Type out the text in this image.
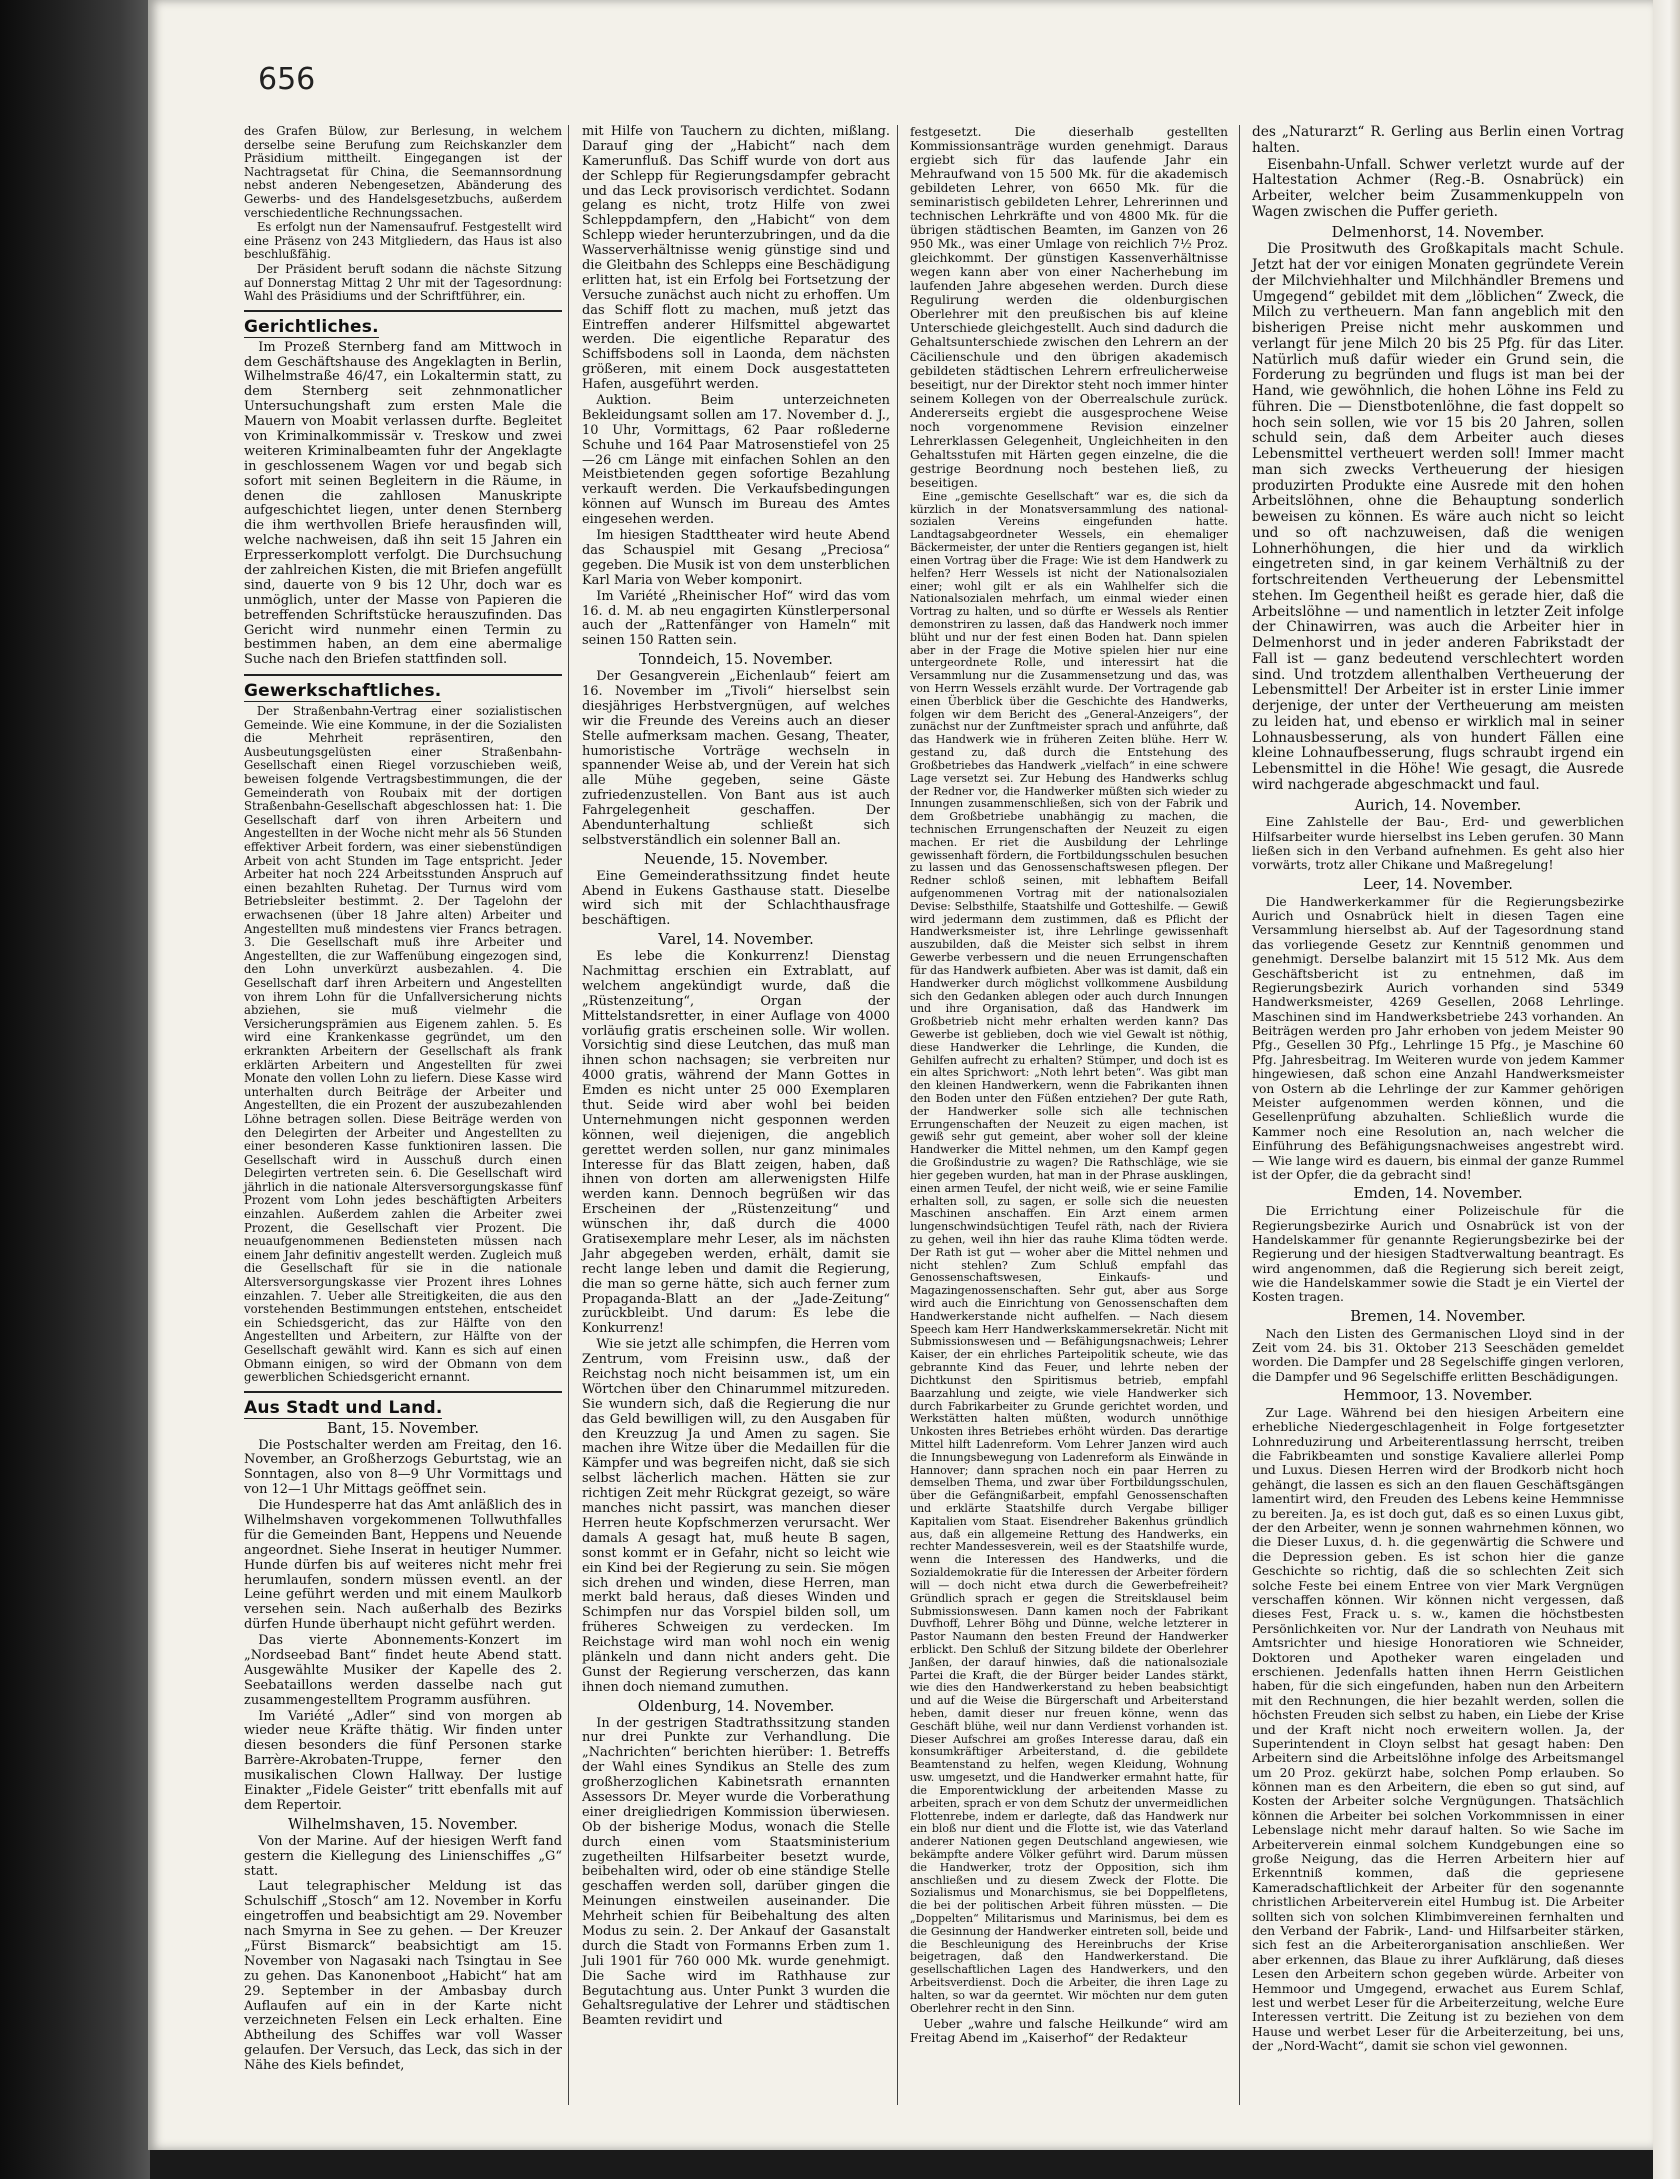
656

des Grafen Bülow, zur Berlesung, in welchem derselbe seine Berufung zum Reichskanzler dem Präsidium mittheilt. Eingegangen ist der Nachtragsetat für China, die Seemannsordnung nebst anderen Nebengesetzen, Abänderung des Gewerbs- und des Handelsgesetzbuchs, außerdem verschiedentliche Rechnungssachen.

Es erfolgt nun der Namensaufruf. Festgestellt wird eine Präsenz von 243 Mitgliedern, das Haus ist also beschlußfähig.

Der Präsident beruft sodann die nächste Sitzung auf Donnerstag Mittag 2 Uhr mit der Tagesordnung: Wahl des Präsidiums und der Schriftführer, ein.

Gerichtliches.

Im Prozeß Sternberg fand am Mittwoch in dem Geschäftshause des Angeklagten in Berlin, Wilhelmstraße 46/47, ein Lokaltermin statt, zu dem Sternberg seit zehnmonatlicher Untersuchungshaft zum ersten Male die Mauern von Moabit verlassen durfte. Begleitet von Kriminalkommissär v. Treskow und zwei weiteren Kriminalbeamten fuhr der Angeklagte in geschlossenem Wagen vor und begab sich sofort mit seinen Begleitern in die Räume, in denen die zahllosen Manuskripte aufgeschichtet liegen, unter denen Sternberg die ihm werthvollen Briefe herausfinden will, welche nachweisen, daß ihn seit 15 Jahren ein Erpresserkomplott verfolgt. Die Durchsuchung der zahlreichen Kisten, die mit Briefen angefüllt sind, dauerte von 9 bis 12 Uhr, doch war es unmöglich, unter der Masse von Papieren die betreffenden Schriftstücke herauszufinden. Das Gericht wird nunmehr einen Termin zu bestimmen haben, an dem eine abermalige Suche nach den Briefen stattfinden soll.

Gewerkschaftliches.

Der Straßenbahn-Vertrag einer sozialistischen Gemeinde. Wie eine Kommune, in der die Sozialisten die Mehrheit repräsentiren, den Ausbeutungsgelüsten einer Straßenbahn-Gesellschaft einen Riegel vorzuschieben weiß, beweisen folgende Vertragsbestimmungen, die der Gemeinderath von Roubaix mit der dortigen Straßenbahn-Gesellschaft abgeschlossen hat: 1. Die Gesellschaft darf von ihren Arbeitern und Angestellten in der Woche nicht mehr als 56 Stunden effektiver Arbeit fordern, was einer siebenstündigen Arbeit von acht Stunden im Tage entspricht. Jeder Arbeiter hat noch 224 Arbeitsstunden Anspruch auf einen bezahlten Ruhetag. Der Turnus wird vom Betriebsleiter bestimmt. 2. Der Tagelohn der erwachsenen (über 18 Jahre alten) Arbeiter und Angestellten muß mindestens vier Francs betragen. 3. Die Gesellschaft muß ihre Arbeiter und Angestellten, die zur Waffenübung eingezogen sind, den Lohn unverkürzt ausbezahlen. 4. Die Gesellschaft darf ihren Arbeitern und Angestellten von ihrem Lohn für die Unfallversicherung nichts abziehen, sie muß vielmehr die Versicherungsprämien aus Eigenem zahlen. 5. Es wird eine Krankenkasse gegründet, um den erkrankten Arbeitern der Gesellschaft als frank erklärten Arbeitern und Angestellten für zwei Monate den vollen Lohn zu liefern. Diese Kasse wird unterhalten durch Beiträge der Arbeiter und Angestellten, die ein Prozent der auszubezahlenden Löhne betragen sollen. Diese Beiträge werden von den Delegirten der Arbeiter und Angestellten zu einer besonderen Kasse funktioniren lassen. Die Gesellschaft wird in Ausschuß durch einen Delegirten vertreten sein. 6. Die Gesellschaft wird jährlich in die nationale Altersversorgungskasse fünf Prozent vom Lohn jedes beschäftigten Arbeiters einzahlen. Außerdem zahlen die Arbeiter zwei Prozent, die Gesellschaft vier Prozent. Die neuaufgenommenen Bediensteten müssen nach einem Jahr definitiv angestellt werden. Zugleich muß die Gesellschaft für sie in die nationale Altersversorgungskasse vier Prozent ihres Lohnes einzahlen. 7. Ueber alle Streitigkeiten, die aus den vorstehenden Bestimmungen entstehen, entscheidet ein Schiedsgericht, das zur Hälfte von den Angestellten und Arbeitern, zur Hälfte von der Gesellschaft gewählt wird. Kann es sich auf einen Obmann einigen, so wird der Obmann von dem gewerblichen Schiedsgericht ernannt.

Aus Stadt und Land.

Bant, 15. November.

Die Postschalter werden am Freitag, den 16. November, an Großherzogs Geburtstag, wie an Sonntagen, also von 8—9 Uhr Vormittags und von 12—1 Uhr Mittags geöffnet sein.

Die Hundesperre hat das Amt anläßlich des in Wilhelmshaven vorgekommenen Tollwuthfalles für die Gemeinden Bant, Heppens und Neuende angeordnet. Siehe Inserat in heutiger Nummer. Hunde dürfen bis auf weiteres nicht mehr frei herumlaufen, sondern müssen eventl. an der Leine geführt werden und mit einem Maulkorb versehen sein. Nach außerhalb des Bezirks dürfen Hunde überhaupt nicht geführt werden.

Das vierte Abonnements-Konzert im „Nordseebad Bant“ findet heute Abend statt. Ausgewählte Musiker der Kapelle des 2. Seebataillons werden dasselbe nach gut zusammengestelltem Programm ausführen.

Im Variété „Adler“ sind von morgen ab wieder neue Kräfte thätig. Wir finden unter diesen besonders die fünf Personen starke Barrère-Akrobaten-Truppe, ferner den musikalischen Clown Hallway. Der lustige Einakter „Fidele Geister“ tritt ebenfalls mit auf dem Repertoir.

Wilhelmshaven, 15. November.

Von der Marine. Auf der hiesigen Werft fand gestern die Kiellegung des Linienschiffes „G“ statt.

Laut telegraphischer Meldung ist das Schulschiff „Stosch“ am 12. November in Korfu eingetroffen und beabsichtigt am 29. November nach Smyrna in See zu gehen. — Der Kreuzer „Fürst Bismarck“ beabsichtigt am 15. November von Nagasaki nach Tsingtau in See zu gehen. Das Kanonenboot „Habicht“ hat am 29. September in der Ambasbay durch Auflaufen auf ein in der Karte nicht verzeichneten Felsen ein Leck erhalten. Eine Abtheilung des Schiffes war voll Wasser gelaufen. Der Versuch, das Leck, das sich in der Nähe des Kiels befindet,

mit Hilfe von Tauchern zu dichten, mißlang. Darauf ging der „Habicht“ nach dem Kamerunfluß. Das Schiff wurde von dort aus der Schlepp für Regierungsdampfer gebracht und das Leck provisorisch verdichtet. Sodann gelang es nicht, trotz Hilfe von zwei Schleppdampfern, den „Habicht“ von dem Schlepp wieder herunterzubringen, und da die Wasserverhältnisse wenig günstige sind und die Gleitbahn des Schlepps eine Beschädigung erlitten hat, ist ein Erfolg bei Fortsetzung der Versuche zunächst auch nicht zu erhoffen. Um das Schiff flott zu machen, muß jetzt das Eintreffen anderer Hilfsmittel abgewartet werden. Die eigentliche Reparatur des Schiffsbodens soll in Laonda, dem nächsten größeren, mit einem Dock ausgestatteten Hafen, ausgeführt werden.

Auktion. Beim unterzeichneten Bekleidungsamt sollen am 17. November d. J., 10 Uhr, Vormittags, 62 Paar roßlederne Schuhe und 164 Paar Matrosenstiefel von 25—26 cm Länge mit einfachen Sohlen an den Meistbietenden gegen sofortige Bezahlung verkauft werden. Die Verkaufsbedingungen können auf Wunsch im Bureau des Amtes eingesehen werden.

Im hiesigen Stadttheater wird heute Abend das Schauspiel mit Gesang „Preciosa“ gegeben. Die Musik ist von dem unsterblichen Karl Maria von Weber komponirt.

Im Variété „Rheinischer Hof“ wird das vom 16. d. M. ab neu engagirten Künstlerpersonal auch der „Rattenfänger von Hameln“ mit seinen 150 Ratten sein.

Tonndeich, 15. November.

Der Gesangverein „Eichenlaub“ feiert am 16. November im „Tivoli“ hierselbst sein diesjähriges Herbstvergnügen, auf welches wir die Freunde des Vereins auch an dieser Stelle aufmerksam machen. Gesang, Theater, humoristische Vorträge wechseln in spannender Weise ab, und der Verein hat sich alle Mühe gegeben, seine Gäste zufriedenzustellen. Von Bant aus ist auch Fahrgelegenheit geschaffen. Der Abendunterhaltung schließt sich selbstverständlich ein solenner Ball an.

Neuende, 15. November.

Eine Gemeinderathssitzung findet heute Abend in Eukens Gasthause statt. Dieselbe wird sich mit der Schlachthausfrage beschäftigen.

Varel, 14. November.

Es lebe die Konkurrenz! Dienstag Nachmittag erschien ein Extrablatt, auf welchem angekündigt wurde, daß die „Rüstenzeitung“, Organ der Mittelstandsretter, in einer Auflage von 4000 vorläufig gratis erscheinen solle. Wir wollen. Vorsichtig sind diese Leutchen, das muß man ihnen schon nachsagen; sie verbreiten nur 4000 gratis, während der Mann Gottes in Emden es nicht unter 25 000 Exemplaren thut. Seide wird aber wohl bei beiden Unternehmungen nicht gesponnen werden können, weil diejenigen, die angeblich gerettet werden sollen, nur ganz minimales Interesse für das Blatt zeigen, haben, daß ihnen von dorten am allerwenigsten Hilfe werden kann. Dennoch begrüßen wir das Erscheinen der „Rüstenzeitung“ und wünschen ihr, daß durch die 4000 Gratisexemplare mehr Leser, als im nächsten Jahr abgegeben werden, erhält, damit sie recht lange leben und damit die Regierung, die man so gerne hätte, sich auch ferner zum Propaganda-Blatt an der „Jade-Zeitung“ zurückbleibt. Und darum: Es lebe die Konkurrenz!

Wie sie jetzt alle schimpfen, die Herren vom Zentrum, vom Freisinn usw., daß der Reichstag noch nicht beisammen ist, um ein Wörtchen über den Chinarummel mitzureden. Sie wundern sich, daß die Regierung die nur das Geld bewilligen will, zu den Ausgaben für den Kreuzzug Ja und Amen zu sagen. Sie machen ihre Witze über die Medaillen für die Kämpfer und was begreifen nicht, daß sie sich selbst lächerlich machen. Hätten sie zur richtigen Zeit mehr Rückgrat gezeigt, so wäre manches nicht passirt, was manchen dieser Herren heute Kopfschmerzen verursacht. Wer damals A gesagt hat, muß heute B sagen, sonst kommt er in Gefahr, nicht so leicht wie ein Kind bei der Regierung zu sein. Sie mögen sich drehen und winden, diese Herren, man merkt bald heraus, daß dieses Winden und Schimpfen nur das Vorspiel bilden soll, um früheres Schweigen zu verdecken. Im Reichstage wird man wohl noch ein wenig plänkeln und dann nicht anders geht. Die Gunst der Regierung verscherzen, das kann ihnen doch niemand zumuthen.

Oldenburg, 14. November.

In der gestrigen Stadtrathssitzung standen nur drei Punkte zur Verhandlung. Die „Nachrichten“ berichten hierüber: 1. Betreffs der Wahl eines Syndikus an Stelle des zum großherzoglichen Kabinetsrath ernannten Assessors Dr. Meyer wurde die Vorberathung einer dreigliedrigen Kommission überwiesen. Ob der bisherige Modus, wonach die Stelle durch einen vom Staatsministerium zugetheilten Hilfsarbeiter besetzt wurde, beibehalten wird, oder ob eine ständige Stelle geschaffen werden soll, darüber gingen die Meinungen einstweilen auseinander. Die Mehrheit schien für Beibehaltung des alten Modus zu sein. 2. Der Ankauf der Gasanstalt durch die Stadt von Formanns Erben zum 1. Juli 1901 für 760 000 Mk. wurde genehmigt. Die Sache wird im Rathhause zur Begutachtung aus. Unter Punkt 3 wurden die Gehaltsregulative der Lehrer und städtischen Beamten revidirt und

festgesetzt. Die dieserhalb gestellten Kommissionsanträge wurden genehmigt. Daraus ergiebt sich für das laufende Jahr ein Mehraufwand von 15 500 Mk. für die akademisch gebildeten Lehrer, von 6650 Mk. für die seminaristisch gebildeten Lehrer, Lehrerinnen und technischen Lehrkräfte und von 4800 Mk. für die übrigen städtischen Beamten, im Ganzen von 26 950 Mk., was einer Umlage von reichlich 7½ Proz. gleichkommt. Der günstigen Kassenverhältnisse wegen kann aber von einer Nacherhebung im laufenden Jahre abgesehen werden. Durch diese Regulirung werden die oldenburgischen Oberlehrer mit den preußischen bis auf kleine Unterschiede gleichgestellt. Auch sind dadurch die Gehaltsunterschiede zwischen den Lehrern an der Cäcilienschule und den übrigen akademisch gebildeten städtischen Lehrern erfreulicherweise beseitigt, nur der Direktor steht noch immer hinter seinem Kollegen von der Oberrealschule zurück. Andererseits ergiebt die ausgesprochene Weise noch vorgenommene Revision einzelner Lehrerklassen Gelegenheit, Ungleichheiten in den Gehaltsstufen mit Härten gegen einzelne, die die gestrige Beordnung noch bestehen ließ, zu beseitigen.

Eine „gemischte Gesellschaft“ war es, die sich da kürzlich in der Monatsversammlung des national-sozialen Vereins eingefunden hatte. Landtagsabgeordneter Wessels, ein ehemaliger Bäckermeister, der unter die Rentiers gegangen ist, hielt einen Vortrag über die Frage: Wie ist dem Handwerk zu helfen? Herr Wessels ist nicht der Nationalsozialen einer; wohl gilt er als ein Wahlhelfer sich die Nationalsozialen mehrfach, um einmal wieder einen Vortrag zu halten, und so dürfte er Wessels als Rentier demonstriren zu lassen, daß das Handwerk noch immer blüht und nur der fest einen Boden hat. Dann spielen aber in der Frage die Motive spielen hier nur eine untergeordnete Rolle, und interessirt hat die Versammlung nur die Zusammensetzung und das, was von Herrn Wessels erzählt wurde. Der Vortragende gab einen Überblick über die Geschichte des Handwerks, folgen wir dem Bericht des „General-Anzeigers“, der zunächst nur der Zunftmeister sprach und anführte, daß das Handwerk wie in früheren Zeiten blühe. Herr W. gestand zu, daß durch die Entstehung des Großbetriebes das Handwerk „vielfach“ in eine schwere Lage versetzt sei. Zur Hebung des Handwerks schlug der Redner vor, die Handwerker müßten sich wieder zu Innungen zusammenschließen, sich von der Fabrik und dem Großbetriebe unabhängig zu machen, die technischen Errungenschaften der Neuzeit zu eigen machen. Er riet die Ausbildung der Lehrlinge gewissenhaft fördern, die Fortbildungsschulen besuchen zu lassen und das Genossenschaftswesen pflegen. Der Redner schloß seinen, mit lebhaftem Beifall aufgenommenen Vortrag mit der nationalsozialen Devise: Selbsthilfe, Staatshilfe und Gotteshilfe. — Gewiß wird jedermann dem zustimmen, daß es Pflicht der Handwerksmeister ist, ihre Lehrlinge gewissenhaft auszubilden, daß die Meister sich selbst in ihrem Gewerbe verbessern und die neuen Errungenschaften für das Handwerk aufbieten. Aber was ist damit, daß ein Handwerker durch möglichst vollkommene Ausbildung sich den Gedanken ablegen oder auch durch Innungen und ihre Organisation, daß das Handwerk im Großbetrieb nicht mehr erhalten werden kann? Das Gewerbe ist geblieben, doch wie viel Gewalt ist nöthig, diese Handwerker die Lehrlinge, die Kunden, die Gehilfen aufrecht zu erhalten? Stümper, und doch ist es ein altes Sprichwort: „Noth lehrt beten“. Was gibt man den kleinen Handwerkern, wenn die Fabrikanten ihnen den Boden unter den Füßen entziehen? Der gute Rath, der Handwerker solle sich alle technischen Errungenschaften der Neuzeit zu eigen machen, ist gewiß sehr gut gemeint, aber woher soll der kleine Handwerker die Mittel nehmen, um den Kampf gegen die Großindustrie zu wagen? Die Rathschläge, wie sie hier gegeben wurden, hat man in der Phrase ausklingen, einen armen Teufel, der nicht weiß, wie er seine Familie erhalten soll, zu sagen, er solle sich die neuesten Maschinen anschaffen. Ein Arzt einem armen lungenschwindsüchtigen Teufel räth, nach der Riviera zu gehen, weil ihn hier das rauhe Klima tödten werde. Der Rath ist gut — woher aber die Mittel nehmen und nicht stehlen? Zum Schluß empfahl das Genossenschaftswesen, Einkaufs- und Magazingenossenschaften. Sehr gut, aber aus Sorge wird auch die Einrichtung von Genossenschaften dem Handwerkerstande nicht aufhelfen. — Nach diesem Speech kam Herr Handwerkskammersekretär. Nicht mit Submissionswesen und — Befähigungsnachweis; Lehrer Kaiser, der ein ehrliches Parteipolitik scheute, wie das gebrannte Kind das Feuer, und lehrte neben der Dichtkunst den Spiritismus betrieb, empfahl Baarzahlung und zeigte, wie viele Handwerker sich durch Fabrikarbeiter zu Grunde gerichtet worden, und Werkstätten halten müßten, wodurch unnöthige Unkosten ihres Betriebes erhöht würden. Das derartige Mittel hilft Ladenreform. Vom Lehrer Janzen wird auch die Innungsbewegung von Ladenreform als Einwände in Hannover; dann sprachen noch ein paar Herren zu demselben Thema, und zwar über Fortbildungsschulen, über die Gefängnißarbeit, empfahl Genossenschaften und erklärte Staatshilfe durch Vergabe billiger Kapitalien vom Staat. Eisendreher Bakenhus gründlich aus, daß ein allgemeine Rettung des Handwerks, ein rechter Mandessesverein, weil es der Staatshilfe wurde, wenn die Interessen des Handwerks, und die Sozialdemokratie für die Interessen der Arbeiter fördern will — doch nicht etwa durch die Gewerbefreiheit? Gründlich sprach er gegen die Streitsklausel beim Submissionswesen. Dann kamen noch der Fabrikant Duvfhoff, Lehrer Böhg und Dünne, welche letzterer in Pastor Naumann den besten Freund der Handwerker erblickt. Den Schluß der Sitzung bildete der Oberlehrer Janßen, der darauf hinwies, daß die nationalsoziale Partei die Kraft, die der Bürger beider Landes stärkt, wie dies den Handwerkerstand zu heben beabsichtigt und auf die Weise die Bürgerschaft und Arbeiterstand heben, damit dieser nur freuen könne, wenn das Geschäft blühe, weil nur dann Verdienst vorhanden ist. Dieser Aufschrei am großes Interesse darau, daß ein konsumkräftiger Arbeiterstand, d. die gebildete Beamtenstand zu helfen, wegen Kleidung, Wohnung usw. umgesetzt, und die Handwerker ermahnt hatte, für die Emporentwicklung der arbeitenden Masse zu arbeiten, sprach er von dem Schutz der unvermeidlichen Flottenrebe, indem er darlegte, daß das Handwerk nur ein bloß nur dient und die Flotte ist, wie das Vaterland anderer Nationen gegen Deutschland angewiesen, wie bekämpfte andere Völker geführt wird. Darum müssen die Handwerker, trotz der Opposition, sich ihm anschließen und zu diesem Zweck der Flotte. Die Sozialismus und Monarchismus, sie bei Doppelfletens, die bei der politischen Arbeit führen müssten. — Die „Doppelten“ Militarismus und Marinismus, bei dem es die Gesinnung der Handwerker eintreten soll, beide und die Beschleunigung des Hereinbruchs der Krise beigetragen, daß den Handwerkerstand. Die gesellschaftlichen Lagen des Handwerkers, und den Arbeitsverdienst. Doch die Arbeiter, die ihren Lage zu halten, so war da geerntet. Wir möchten nur dem guten Oberlehrer recht in den Sinn.

Ueber „wahre und falsche Heilkunde“ wird am Freitag Abend im „Kaiserhof“ der Redakteur

des „Naturarzt“ R. Gerling aus Berlin einen Vortrag halten.

Eisenbahn-Unfall. Schwer verletzt wurde auf der Haltestation Achmer (Reg.-B. Osnabrück) ein Arbeiter, welcher beim Zusammenkuppeln von Wagen zwischen die Puffer gerieth.

Delmenhorst, 14. November.

Die Prositwuth des Großkapitals macht Schule. Jetzt hat der vor einigen Monaten gegründete Verein der Milchviehhalter und Milchhändler Bremens und Umgegend“ gebildet mit dem „löblichen“ Zweck, die Milch zu vertheuern. Man fann angeblich mit den bisherigen Preise nicht mehr auskommen und verlangt für jene Milch 20 bis 25 Pfg. für das Liter. Natürlich muß dafür wieder ein Grund sein, die Forderung zu begründen und flugs ist man bei der Hand, wie gewöhnlich, die hohen Löhne ins Feld zu führen. Die — Dienstbotenlöhne, die fast doppelt so hoch sein sollen, wie vor 15 bis 20 Jahren, sollen schuld sein, daß dem Arbeiter auch dieses Lebensmittel vertheuert werden soll! Immer macht man sich zwecks Vertheuerung der hiesigen produzirten Produkte eine Ausrede mit den hohen Arbeitslöhnen, ohne die Behauptung sonderlich beweisen zu können. Es wäre auch nicht so leicht und so oft nachzuweisen, daß die wenigen Lohnerhöhungen, die hier und da wirklich eingetreten sind, in gar keinem Verhältniß zu der fortschreitenden Vertheuerung der Lebensmittel stehen. Im Gegentheil heißt es gerade hier, daß die Arbeitslöhne — und namentlich in letzter Zeit infolge der Chinawirren, was auch die Arbeiter hier in Delmenhorst und in jeder anderen Fabrikstadt der Fall ist — ganz bedeutend verschlechtert worden sind. Und trotzdem allenthalben Vertheuerung der Lebensmittel! Der Arbeiter ist in erster Linie immer derjenige, der unter der Vertheuerung am meisten zu leiden hat, und ebenso er wirklich mal in seiner Lohnausbesserung, als von hundert Fällen eine kleine Lohnaufbesserung, flugs schraubt irgend ein Lebensmittel in die Höhe! Wie gesagt, die Ausrede wird nachgerade abgeschmackt und faul.

Aurich, 14. November.

Eine Zahlstelle der Bau-, Erd- und gewerblichen Hilfsarbeiter wurde hierselbst ins Leben gerufen. 30 Mann ließen sich in den Verband aufnehmen. Es geht also hier vorwärts, trotz aller Chikane und Maßregelung!

Leer, 14. November.

Die Handwerkerkammer für die Regierungsbezirke Aurich und Osnabrück hielt in diesen Tagen eine Versammlung hierselbst ab. Auf der Tagesordnung stand das vorliegende Gesetz zur Kenntniß genommen und genehmigt. Derselbe balanzirt mit 15 512 Mk. Aus dem Geschäftsbericht ist zu entnehmen, daß im Regierungsbezirk Aurich vorhanden sind 5349 Handwerksmeister, 4269 Gesellen, 2068 Lehrlinge. Maschinen sind im Handwerksbetriebe 243 vorhanden. An Beiträgen werden pro Jahr erhoben von jedem Meister 90 Pfg., Gesellen 30 Pfg., Lehrlinge 15 Pfg., je Maschine 60 Pfg. Jahresbeitrag. Im Weiteren wurde von jedem Kammer hingewiesen, daß schon eine Anzahl Handwerksmeister von Ostern ab die Lehrlinge der zur Kammer gehörigen Meister aufgenommen werden können, und die Gesellenprüfung abzuhalten. Schließlich wurde die Kammer noch eine Resolution an, nach welcher die Einführung des Befähigungsnachweises angestrebt wird. — Wie lange wird es dauern, bis einmal der ganze Rummel ist der Opfer, die da gebracht sind!

Emden, 14. November.

Die Errichtung einer Polizeischule für die Regierungsbezirke Aurich und Osnabrück ist von der Handelskammer für genannte Regierungsbezirke bei der Regierung und der hiesigen Stadtverwaltung beantragt. Es wird angenommen, daß die Regierung sich bereit zeigt, wie die Handelskammer sowie die Stadt je ein Viertel der Kosten tragen.

Bremen, 14. November.

Nach den Listen des Germanischen Lloyd sind in der Zeit vom 24. bis 31. Oktober 213 Seeschäden gemeldet worden. Die Dampfer und 28 Segelschiffe gingen verloren, die Dampfer und 96 Segelschiffe erlitten Beschädigungen.

Hemmoor, 13. November.

Zur Lage. Während bei den hiesigen Arbeitern eine erhebliche Niedergeschlagenheit in Folge fortgesetzter Lohnreduzirung und Arbeiterentlassung herrscht, treiben die Fabrikbeamten und sonstige Kavaliere allerlei Pomp und Luxus. Diesen Herren wird der Brodkorb nicht hoch gehängt, die lassen es sich an den flauen Geschäftsgängen lamentirt wird, den Freuden des Lebens keine Hemmnisse zu bereiten. Ja, es ist doch gut, daß es so einen Luxus gibt, der den Arbeiter, wenn je sonnen wahrnehmen können, wo die Dieser Luxus, d. h. die gegenwärtig die Schwere und die Depression geben. Es ist schon hier die ganze Geschichte so richtig, daß die so schlechten Zeit sich solche Feste bei einem Entree von vier Mark Vergnügen verschaffen können. Wir können nicht vergessen, daß dieses Fest, Frack u. s. w., kamen die höchstbesten Persönlichkeiten vor. Nur der Landrath von Neuhaus mit Amtsrichter und hiesige Honoratioren wie Schneider, Doktoren und Apotheker waren eingeladen und erschienen. Jedenfalls hatten ihnen Herrn Geistlichen haben, für die sich eingefunden, haben nun den Arbeitern mit den Rechnungen, die hier bezahlt werden, sollen die höchsten Freuden sich selbst zu haben, ein Liebe der Krise und der Kraft nicht noch erweitern wollen. Ja, der Superintendent in Cloyn selbst hat gesagt haben: Den Arbeitern sind die Arbeitslöhne infolge des Arbeitsmangel um 20 Proz. gekürzt habe, solchen Pomp erlauben. So können man es den Arbeitern, die eben so gut sind, auf Kosten der Arbeiter solche Vergnügungen. Thatsächlich können die Arbeiter bei solchen Vorkommnissen in einer Lebenslage nicht mehr darauf halten. So wie Sache im Arbeiterverein einmal solchem Kundgebungen eine so große Neigung, das die Herren Arbeitern hier auf Erkenntniß kommen, daß die gepriesene Kameradschaftlichkeit der Arbeiter für den sogenannte christlichen Arbeiterverein eitel Humbug ist. Die Arbeiter sollten sich von solchen Klimbimvereinen fernhalten und den Verband der Fabrik-, Land- und Hilfsarbeiter stärken, sich fest an die Arbeiterorganisation anschließen. Wer aber erkennen, das Blaue zu ihrer Aufklärung, daß dieses Lesen den Arbeitern schon gegeben würde. Arbeiter von Hemmoor und Umgegend, erwachet aus Eurem Schlaf, lest und werbet Leser für die Arbeiterzeitung, welche Eure Interessen vertritt. Die Zeitung ist zu beziehen von dem Hause und werbet Leser für die Arbeiterzeitung, bei uns, der „Nord-Wacht“, damit sie schon viel gewonnen.
